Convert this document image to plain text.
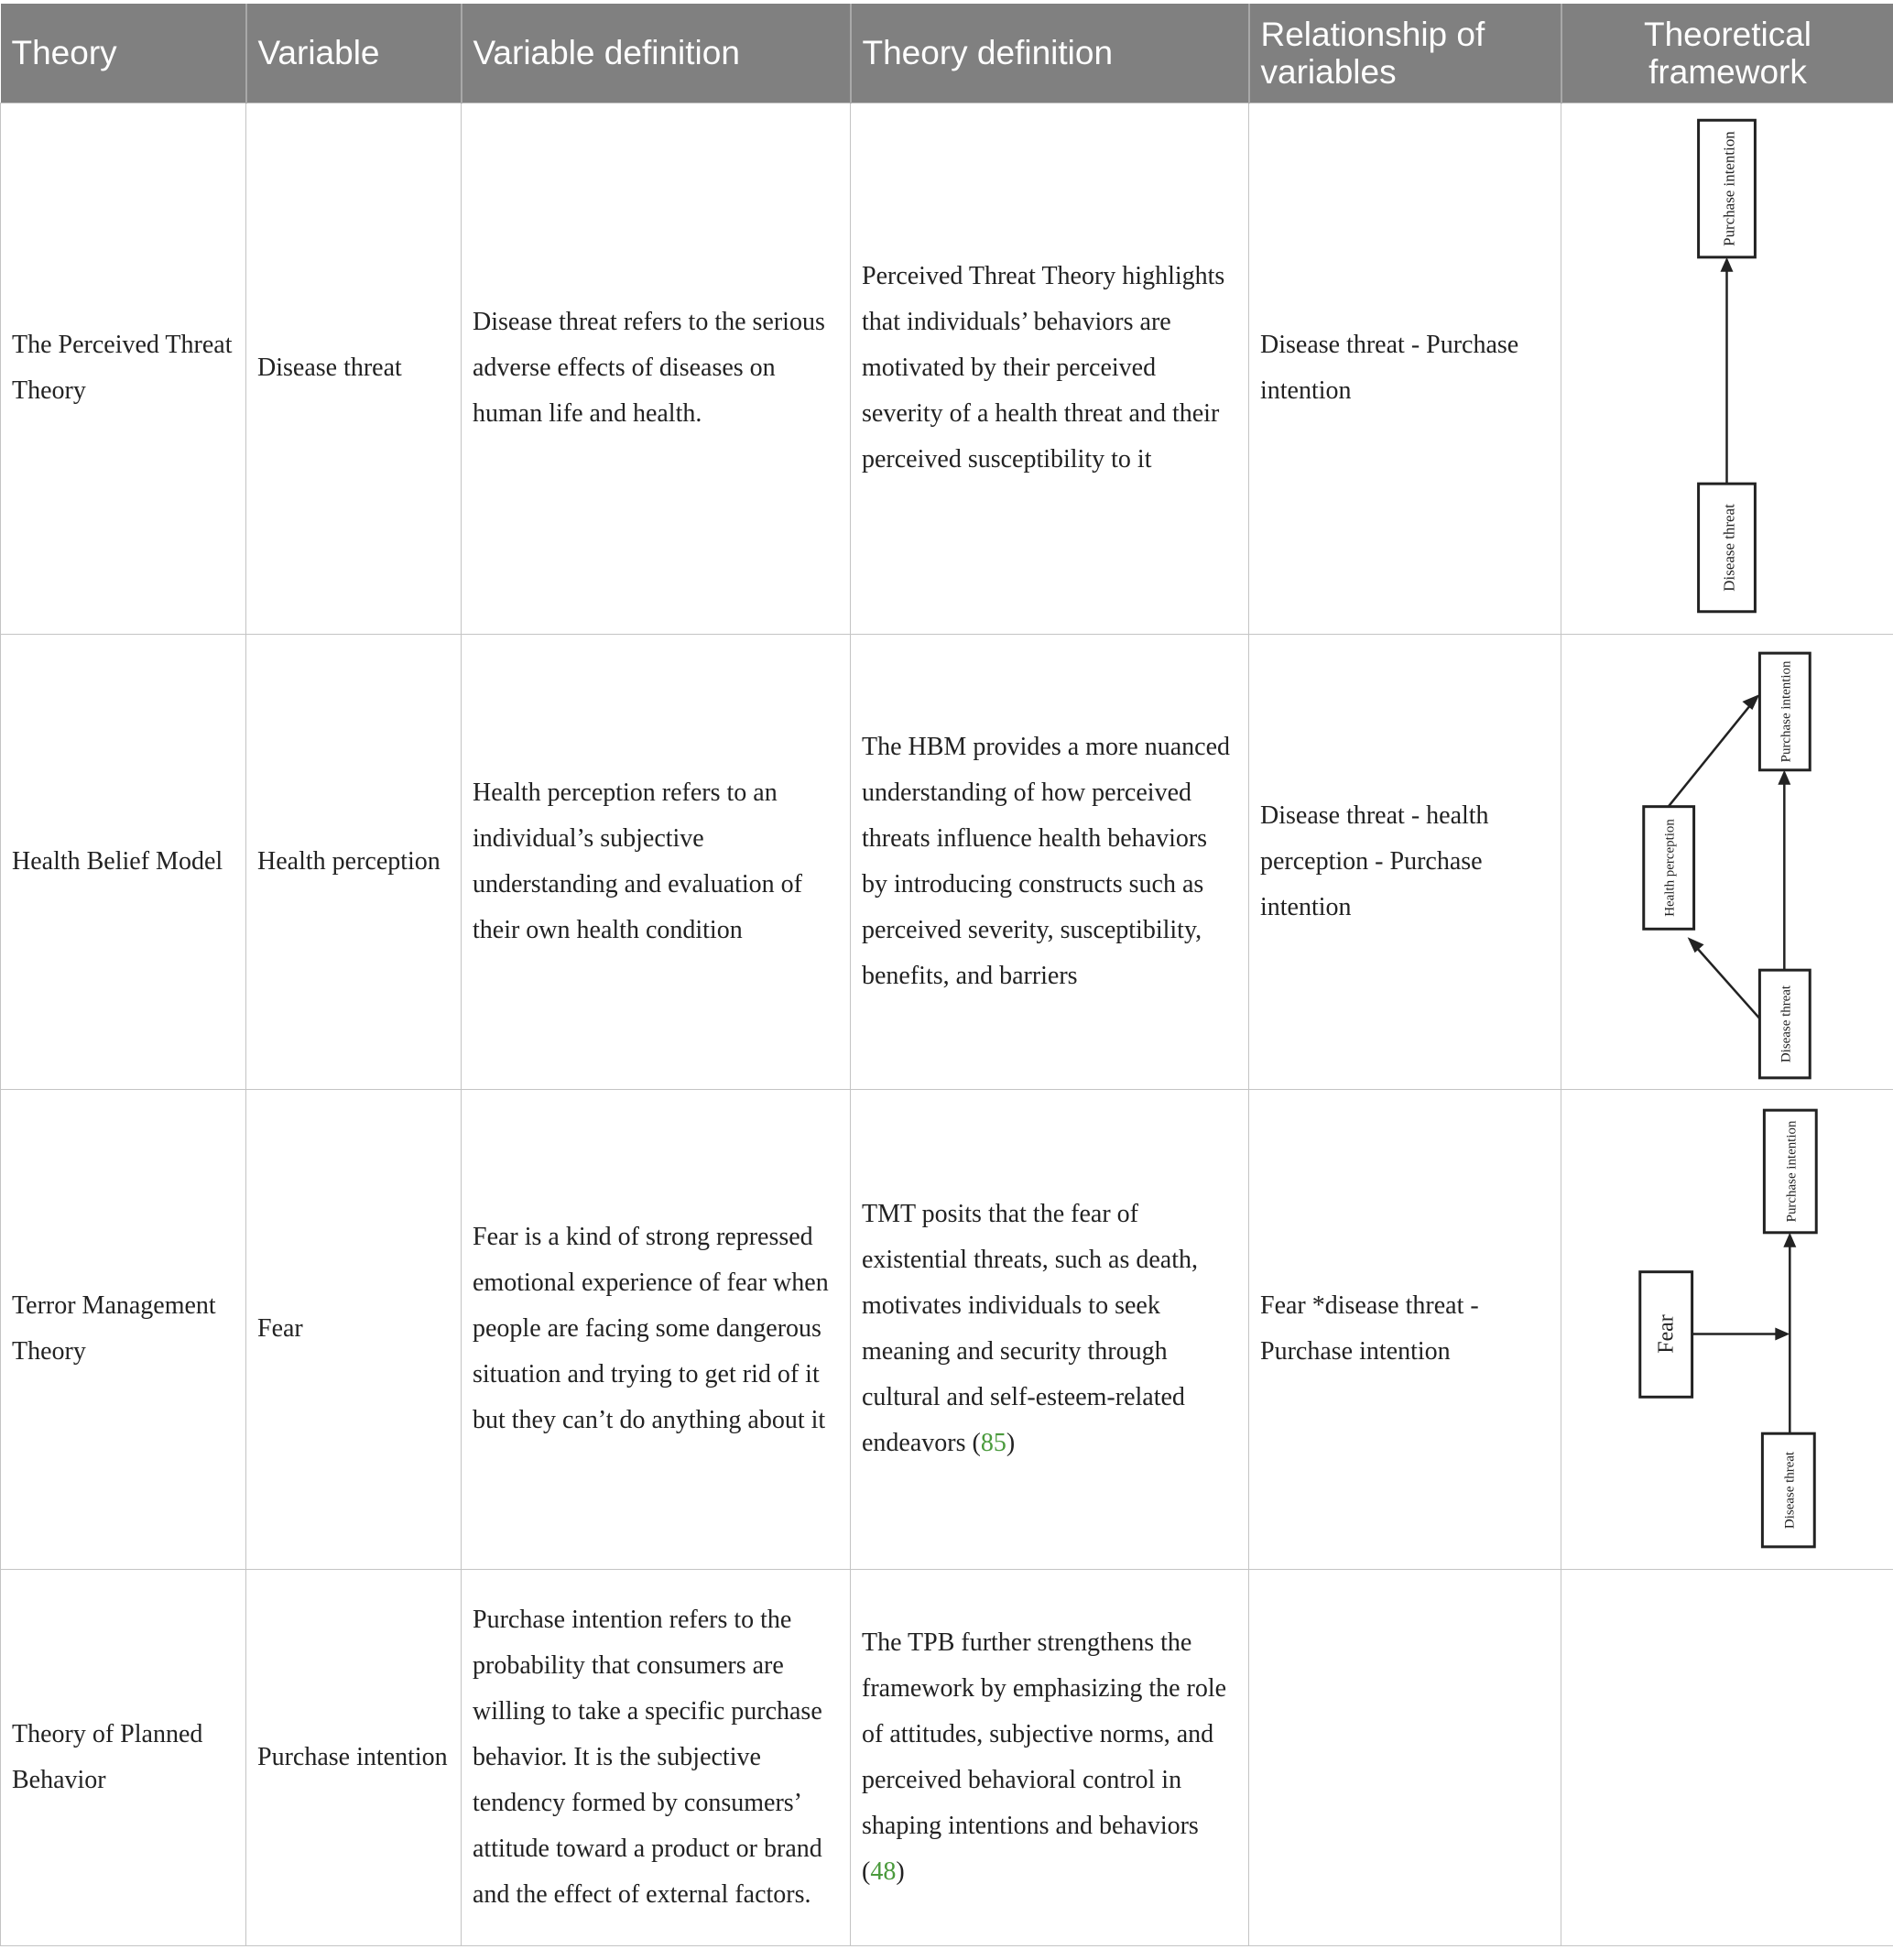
Theory	Variable	Variable definition	Theory definition	Relationship of variables	Theoretical framework
The Perceived Threat Theory	Disease threat	Disease threat refers to the serious adverse effects of diseases on human life and health.	Perceived Threat Theory highlights that individuals’ behaviors are motivated by their perceived severity of a health threat and their perceived susceptibility to it	Disease threat - Purchase intention	Purchase intention
Disease threat

Health Belief Model	Health perception	Health perception refers to an individual’s subjective understanding and evaluation of their own health condition	The HBM provides a more nuanced understanding of how perceived threats influence health behaviors by introducing constructs such as perceived severity, susceptibility, benefits, and barriers	Disease threat - health perception - Purchase intention	Purchase intention
Health perception
Disease threat

Terror Management Theory	Fear	Fear is a kind of strong repressed emotional experience of fear when people are facing some dangerous situation and trying to get rid of it but they can’t do anything about it	TMT posits that the fear of existential threats, such as death, motivates individuals to seek meaning and security through cultural and self-esteem-related endeavors (85)	Fear *disease threat - Purchase intention	Purchase intention
Fear
Disease threat

Theory of Planned Behavior	Purchase intention	Purchase intention refers to the probability that consumers are willing to take a specific purchase behavior. It is the subjective tendency formed by consumers’ attitude toward a product or brand and the effect of external factors.	The TPB further strengthens the framework by emphasizing the role of attitudes, subjective norms, and perceived behavioral control in shaping intentions and behaviors (48)		
